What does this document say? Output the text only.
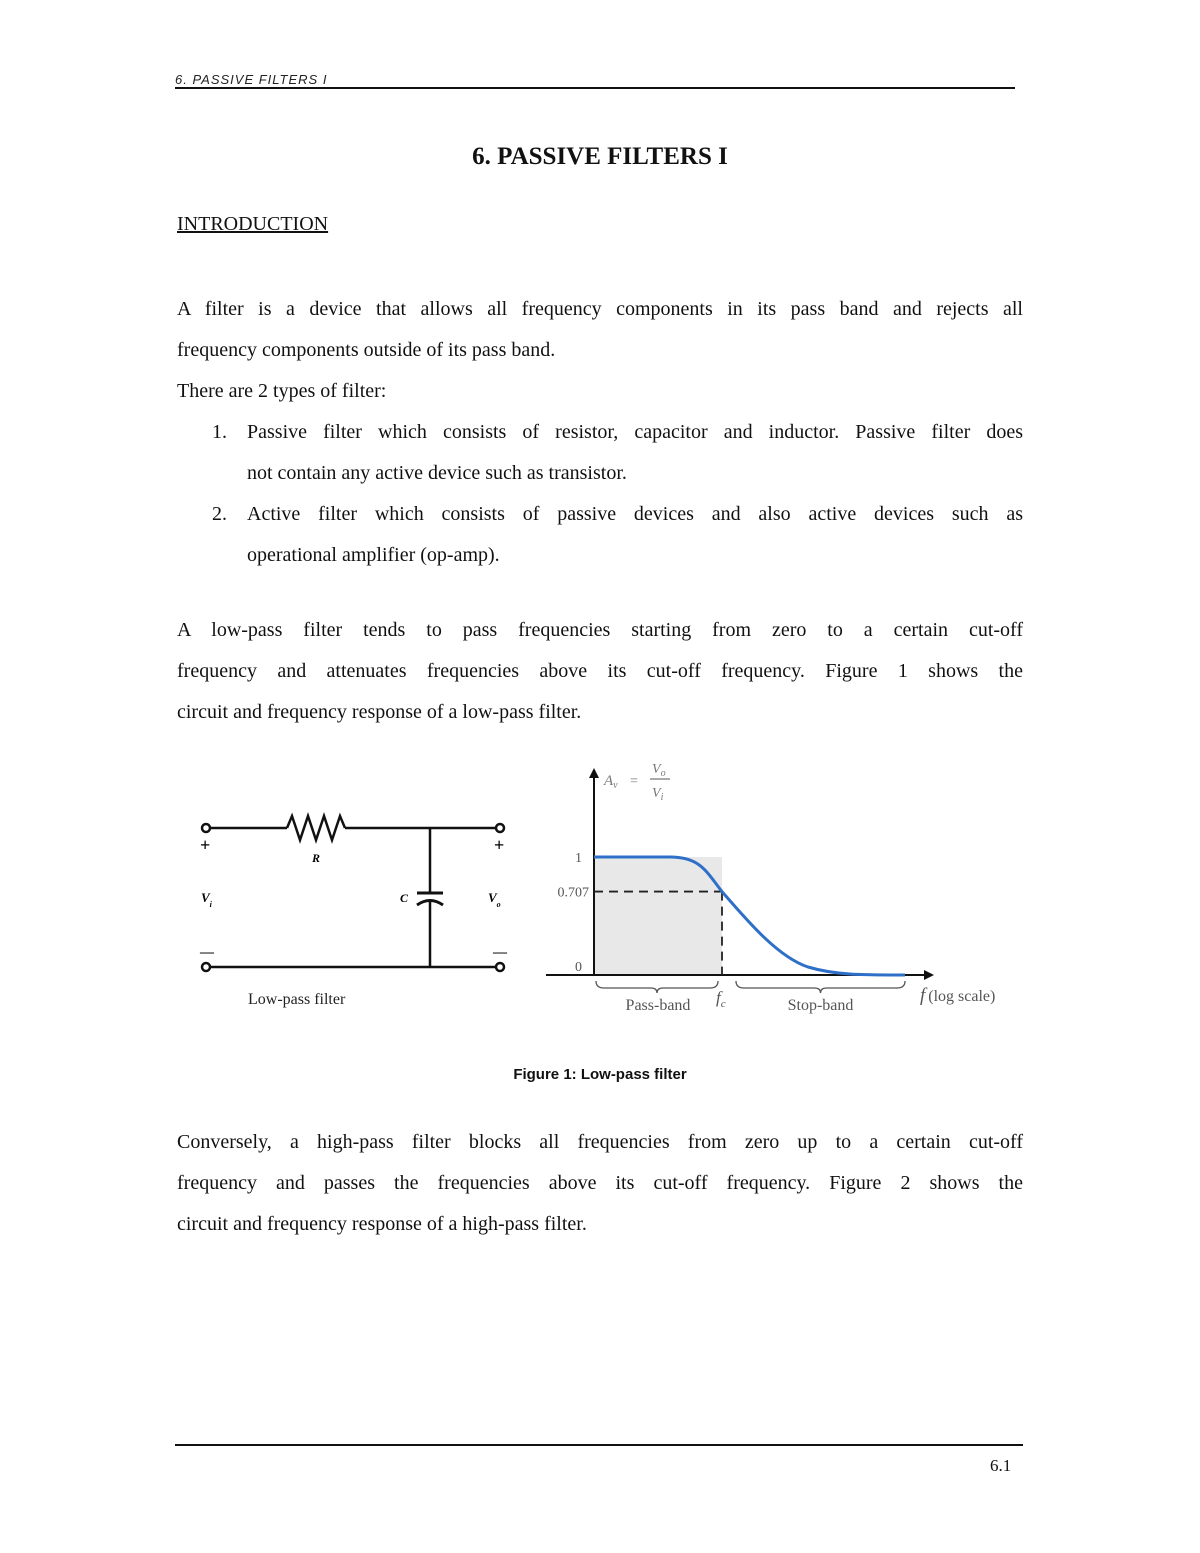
6. PASSIVE FILTERS I
6. PASSIVE FILTERS I
INTRODUCTION
A filter is a device that allows all frequency components in its pass band and rejects all
frequency components outside of its pass band.
There are 2 types of filter:
1. Passive filter which consists of resistor, capacitor and inductor. Passive filter does
not contain any active device such as transistor.
2. Active filter which consists of passive devices and also active devices such as
operational amplifier (op-amp).
A low-pass filter tends to pass frequencies starting from zero to a certain cut-off
frequency and attenuates frequencies above its cut-off frequency. Figure 1 shows the
circuit and frequency response of a low-pass filter.
+	+
—	—
R
C
$V_i$	$V_o$
Low-pass filter
1
0.707
0
Pass-band	Stop-band
$f_c$	f (log scale)
$A_v$ =
$V_o$
$V_i$
Figure 1: Low-pass filter
Conversely, a high-pass filter blocks all frequencies from zero up to a certain cut-off
frequency and passes the frequencies above its cut-off frequency. Figure 2 shows the
circuit and frequency response of a high-pass filter.
6.1
